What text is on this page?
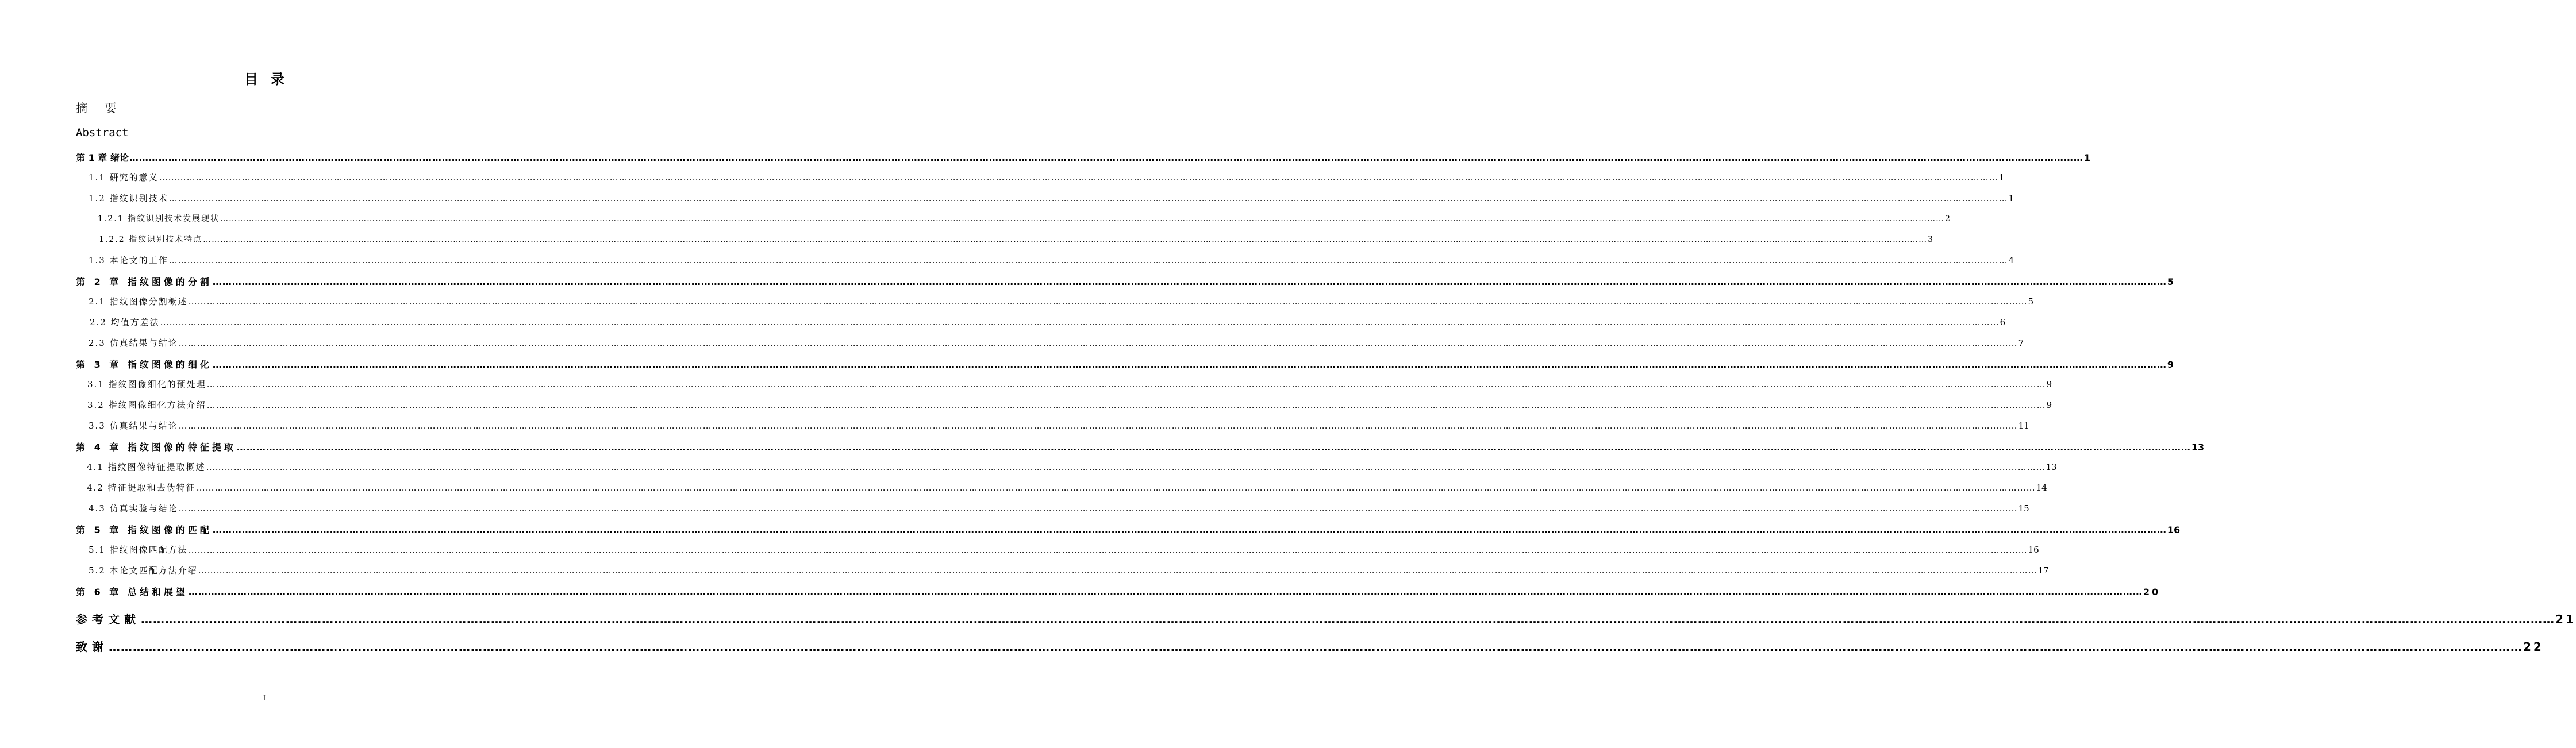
目录
摘 要
Abstract
第 1 章 绪论 …………………………………………………………………………………………………………………………………………………………………………………………………………………………………………………………………………………………………………………………………………………………………………………………………………………………………………………………………………………………………………………………………………………… 1
1.1 研究的意义 …………………………………………………………………………………………………………………………………………………………………………………………………………………………………………………………………………………………………………………………………………………………………………………………………………………………………………………………………………………………………………………………………………………… 1
1.2 指纹识别技术 …………………………………………………………………………………………………………………………………………………………………………………………………………………………………………………………………………………………………………………………………………………………………………………………………………………………………………………………………………………………………………………………………………………… 1
1.2.1 指纹识别技术发展现状 …………………………………………………………………………………………………………………………………………………………………………………………………………………………………………………………………………………………………………………………………………………………………………………………………………………………………………………………………………………………………………………………………………………… 2
1.2.2 指纹识别技术特点 …………………………………………………………………………………………………………………………………………………………………………………………………………………………………………………………………………………………………………………………………………………………………………………………………………………………………………………………………………………………………………………………………………………… 3
1.3 本论文的工作 …………………………………………………………………………………………………………………………………………………………………………………………………………………………………………………………………………………………………………………………………………………………………………………………………………………………………………………………………………………………………………………………………………………… 4
第 2 章 指纹图像的分割 …………………………………………………………………………………………………………………………………………………………………………………………………………………………………………………………………………………………………………………………………………………………………………………………………………………………………………………………………………………………………………………………………………………… 5
2.1 指纹图像分割概述 …………………………………………………………………………………………………………………………………………………………………………………………………………………………………………………………………………………………………………………………………………………………………………………………………………………………………………………………………………………………………………………………………………………… 5
2.2 均值方差法 …………………………………………………………………………………………………………………………………………………………………………………………………………………………………………………………………………………………………………………………………………………………………………………………………………………………………………………………………………………………………………………………………………………… 6
2.3 仿真结果与结论 …………………………………………………………………………………………………………………………………………………………………………………………………………………………………………………………………………………………………………………………………………………………………………………………………………………………………………………………………………………………………………………………………………………… 7
第 3 章 指纹图像的细化 …………………………………………………………………………………………………………………………………………………………………………………………………………………………………………………………………………………………………………………………………………………………………………………………………………………………………………………………………………………………………………………………………………………… 9
3.1 指纹图像细化的预处理 …………………………………………………………………………………………………………………………………………………………………………………………………………………………………………………………………………………………………………………………………………………………………………………………………………………………………………………………………………………………………………………………………………………… 9
3.2 指纹图像细化方法介绍 …………………………………………………………………………………………………………………………………………………………………………………………………………………………………………………………………………………………………………………………………………………………………………………………………………………………………………………………………………………………………………………………………………………… 9
3.3 仿真结果与结论 …………………………………………………………………………………………………………………………………………………………………………………………………………………………………………………………………………………………………………………………………………………………………………………………………………………………………………………………………………………………………………………………………………………… 11
第 4 章 指纹图像的特征提取 …………………………………………………………………………………………………………………………………………………………………………………………………………………………………………………………………………………………………………………………………………………………………………………………………………………………………………………………………………………………………………………………………………………… 13
4.1 指纹图像特征提取概述 …………………………………………………………………………………………………………………………………………………………………………………………………………………………………………………………………………………………………………………………………………………………………………………………………………………………………………………………………………………………………………………………………………………… 13
4.2 特征提取和去伪特征 …………………………………………………………………………………………………………………………………………………………………………………………………………………………………………………………………………………………………………………………………………………………………………………………………………………………………………………………………………………………………………………………………………………… 14
4.3 仿真实验与结论 …………………………………………………………………………………………………………………………………………………………………………………………………………………………………………………………………………………………………………………………………………………………………………………………………………………………………………………………………………………………………………………………………………………… 15
第 5 章 指纹图像的匹配 …………………………………………………………………………………………………………………………………………………………………………………………………………………………………………………………………………………………………………………………………………………………………………………………………………………………………………………………………………………………………………………………………………………… 16
5.1 指纹图像匹配方法 …………………………………………………………………………………………………………………………………………………………………………………………………………………………………………………………………………………………………………………………………………………………………………………………………………………………………………………………………………………………………………………………………………………… 16
5.2 本论文匹配方法介绍 …………………………………………………………………………………………………………………………………………………………………………………………………………………………………………………………………………………………………………………………………………………………………………………………………………………………………………………………………………………………………………………………………………………… 17
第 6 章 总结和展望 …………………………………………………………………………………………………………………………………………………………………………………………………………………………………………………………………………………………………………………………………………………………………………………………………………………………………………………………………………………………………………………………………………………… 20
参考文献 …………………………………………………………………………………………………………………………………………………………………………………………………………………………………………………………………………………………………………………………………………………………………………………………………………………………………………………………………………………………………………………………………………………… 21
致谢 …………………………………………………………………………………………………………………………………………………………………………………………………………………………………………………………………………………………………………………………………………………………………………………………………………………………………………………………………………………………………………………………………………………… 22
I
